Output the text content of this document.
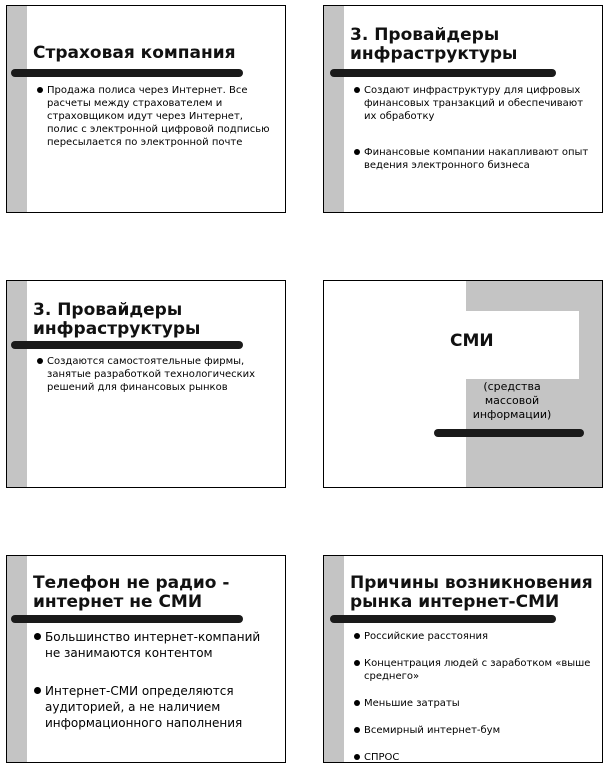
Страховая компания
Продажа полиса через Интернет. Все расчеты между страхователем и страховщиком идут через Интернет, полис с электронной цифровой подписью пересылается по электронной почте
3. Провайдеры инфраструктуры
Создают инфраструктуру для цифровых финансовых транзакций и обеспечивают их обработку
Финансовые компании накапливают опыт ведения электронного бизнеса
3. Провайдеры инфраструктуры
Создаются самостоятельные фирмы, занятые разработкой технологических решений для финансовых рынков
СМИ
(средства массовой информации)
Телефон не радио - интернет не СМИ
Большинство интернет-компаний не занимаются контентом
Интернет-СМИ определяются аудиторией, а не наличием информационного наполнения
Причины возникновения рынка интернет-СМИ
Российские расстояния
Концентрация людей с заработком «выше среднего»
Меньшие затраты
Всемирный интернет-бум
СПРОС
